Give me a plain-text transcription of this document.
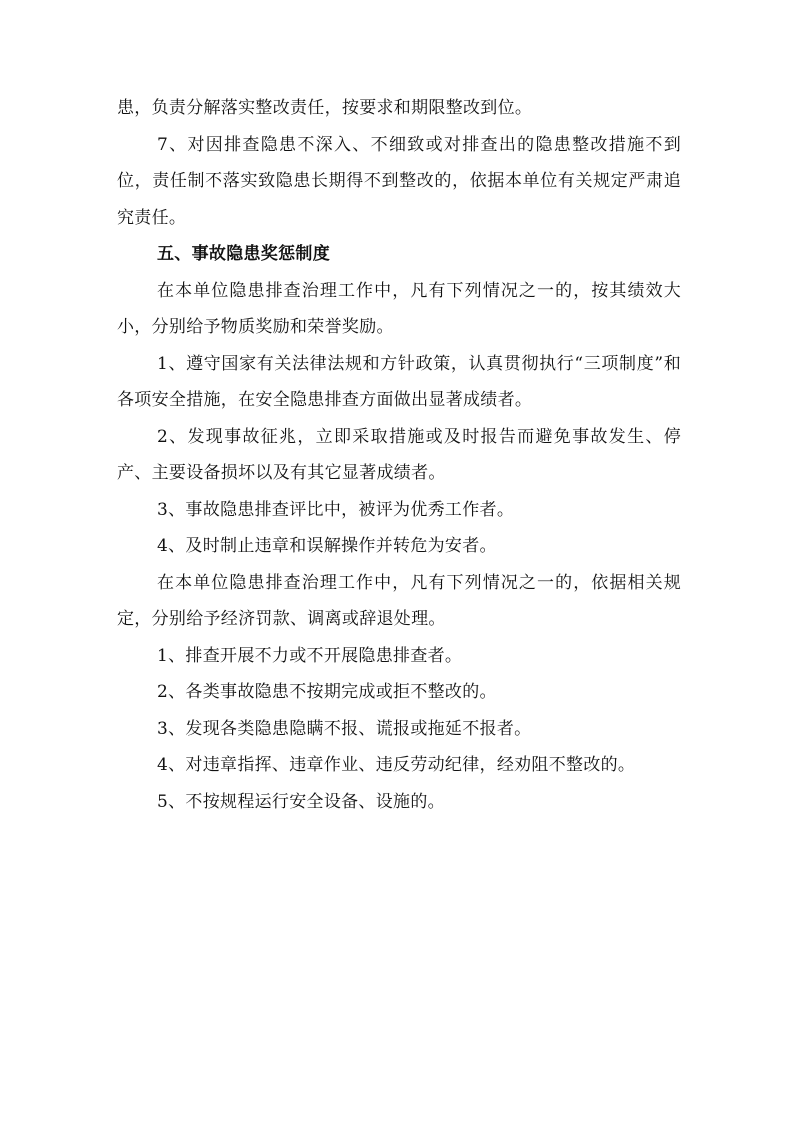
患，负责分解落实整改责任，按要求和期限整改到位。

7、对因排查隐患不深入、不细致或对排查出的隐患整改措施不到位，责任制不落实致隐患长期得不到整改的，依据本单位有关规定严肃追究责任。

五、事故隐患奖惩制度

在本单位隐患排查治理工作中，凡有下列情况之一的，按其绩效大小，分别给予物质奖励和荣誉奖励。

1、遵守国家有关法律法规和方针政策，认真贯彻执行“三项制度”和各项安全措施，在安全隐患排查方面做出显著成绩者。

2、发现事故征兆，立即采取措施或及时报告而避免事故发生、停产、主要设备损坏以及有其它显著成绩者。

3、事故隐患排查评比中，被评为优秀工作者。

4、及时制止违章和误解操作并转危为安者。

在本单位隐患排查治理工作中，凡有下列情况之一的，依据相关规定，分别给予经济罚款、调离或辞退处理。

1、排查开展不力或不开展隐患排查者。

2、各类事故隐患不按期完成或拒不整改的。

3、发现各类隐患隐瞒不报、谎报或拖延不报者。

4、对违章指挥、违章作业、违反劳动纪律，经劝阻不整改的。

5、不按规程运行安全设备、设施的。
